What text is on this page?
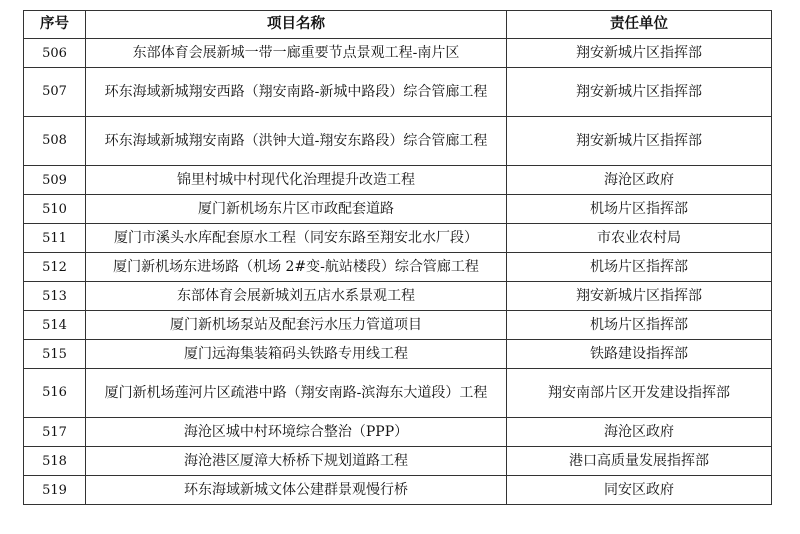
序号	项目名称	责任单位
506	东部体育会展新城一带一廊重要节点景观工程-南片区	翔安新城片区指挥部
507	环东海域新城翔安西路（翔安南路-新城中路段）综合管廊工程	翔安新城片区指挥部
508	环东海域新城翔安南路（洪钟大道-翔安东路段）综合管廊工程	翔安新城片区指挥部
509	锦里村城中村现代化治理提升改造工程	海沧区政府
510	厦门新机场东片区市政配套道路	机场片区指挥部
511	厦门市溪头水库配套原水工程（同安东路至翔安北水厂段）	市农业农村局
512	厦门新机场东进场路（机场 2#变-航站楼段）综合管廊工程	机场片区指挥部
513	东部体育会展新城刘五店水系景观工程	翔安新城片区指挥部
514	厦门新机场泵站及配套污水压力管道项目	机场片区指挥部
515	厦门远海集装箱码头铁路专用线工程	铁路建设指挥部
516	厦门新机场莲河片区疏港中路（翔安南路-滨海东大道段）工程	翔安南部片区开发建设指挥部
517	海沧区城中村环境综合整治（PPP）	海沧区政府
518	海沧港区厦漳大桥桥下规划道路工程	港口高质量发展指挥部
519	环东海域新城文体公建群景观慢行桥	同安区政府
